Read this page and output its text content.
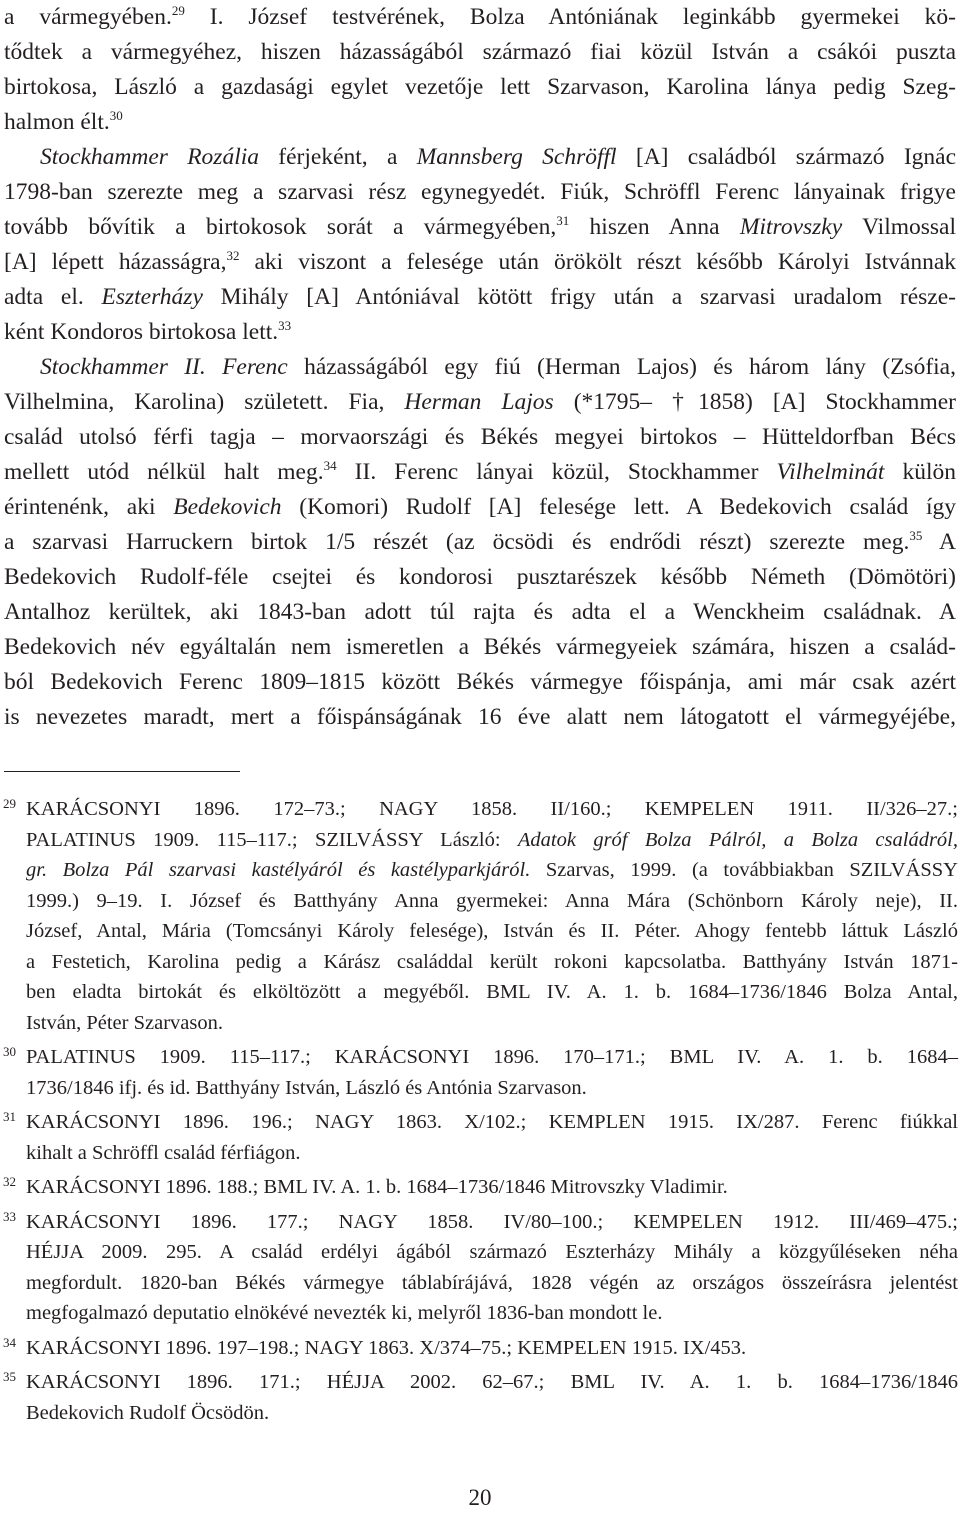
a vármegyében.$^{29}$ I. József testvérének, Bolza Antóniának leginkább gyermekei kö-
tődtek a vármegyéhez, hiszen házasságából származó fiai közül István a csákói puszta
birtokosa, László a gazdasági egylet vezetője lett Szarvason, Karolina lánya pedig Szeg-
halmon élt.$^{30}$
Stockhammer Rozália férjeként, a Mannsberg Schröffl [A] családból származó Ignác
1798-ban szerezte meg a szarvasi rész egynegyedét. Fiúk, Schröffl Ferenc lányainak frigye
tovább bővítik a birtokosok sorát a vármegyében,$^{31}$ hiszen Anna Mitrovszky Vilmossal
[A] lépett házasságra,$^{32}$ aki viszont a felesége után örökölt részt később Károlyi Istvánnak
adta el. Eszterházy Mihály [A] Antóniával kötött frigy után a szarvasi uradalom része-
ként Kondoros birtokosa lett.$^{33}$
Stockhammer II. Ferenc házasságából egy fiú (Herman Lajos) és három lány (Zsófia,
Vilhelmina, Karolina) született. Fia, Herman Lajos (*1795– †1858) [A] Stockhammer
család utolsó férfi tagja – morvaországi és Békés megyei birtokos – Hütteldorfban Bécs
mellett utód nélkül halt meg.$^{34}$ II. Ferenc lányai közül, Stockhammer Vilhelminát külön
érintenénk, aki Bedekovich (Komori) Rudolf [A] felesége lett. A Bedekovich család így
a szarvasi Harruckern birtok 1/5 részét (az öcsödi és endrődi részt) szerezte meg.$^{35}$ A
Bedekovich Rudolf-féle csejtei és kondorosi pusztarészek később Németh (Dömötöri)
Antalhoz kerültek, aki 1843-ban adott túl rajta és adta el a Wenckheim családnak. A
Bedekovich név egyáltalán nem ismeretlen a Békés vármegyeiek számára, hiszen a család-
ból Bedekovich Ferenc 1809–1815 között Békés vármegye főispánja, ami már csak azért
is nevezetes maradt, mert a főispánságának 16 éve alatt nem látogatott el vármegyéjébe,
29 KARÁCSONYI 1896. 172–73.; NAGY 1858. II/160.; KEMPELEN 1911. II/326–27.;
PALATINUS 1909. 115–117.; SZILVÁSSY László: Adatok gróf Bolza Pálról, a Bolza családról,
gr. Bolza Pál szarvasi kastélyáról és kastélyparkjáról. Szarvas, 1999. (a továbbiakban SZILVÁSSY
1999.) 9–19. I. József és Batthyány Anna gyermekei: Anna Mára (Schönborn Károly neje), II.
József, Antal, Mária (Tomcsányi Károly felesége), István és II. Péter. Ahogy fentebb láttuk László
a Festetich, Karolina pedig a Kárász családdal került rokoni kapcsolatba. Batthyány István 1871-
ben eladta birtokát és elköltözött a megyéből. BML IV. A. 1. b. 1684–1736/1846 Bolza Antal,
István, Péter Szarvason.
30 PALATINUS 1909. 115–117.; KARÁCSONYI 1896. 170–171.; BML IV. A. 1. b. 1684–
1736/1846 ifj. és id. Batthyány István, László és Antónia Szarvason.
31 KARÁCSONYI 1896. 196.; NAGY 1863. X/102.; KEMPLEN 1915. IX/287. Ferenc fiúkkal
kihalt a Schröffl család férfiágon.
32 KARÁCSONYI 1896. 188.; BML IV. A. 1. b. 1684–1736/1846 Mitrovszky Vladimir.
33 KARÁCSONYI 1896. 177.; NAGY 1858. IV/80–100.; KEMPELEN 1912. III/469–475.;
HÉJJA 2009. 295. A család erdélyi ágából származó Eszterházy Mihály a közgyűléseken néha
megfordult. 1820-ban Békés vármegye táblabírájává, 1828 végén az országos összeírásra jelentést
megfogalmazó deputatio elnökévé nevezték ki, melyről 1836-ban mondott le.
34 KARÁCSONYI 1896. 197–198.; NAGY 1863. X/374–75.; KEMPELEN 1915. IX/453.
35 KARÁCSONYI 1896. 171.; HÉJJA 2002. 62–67.; BML IV. A. 1. b. 1684–1736/1846
Bedekovich Rudolf Öcsödön.
20
